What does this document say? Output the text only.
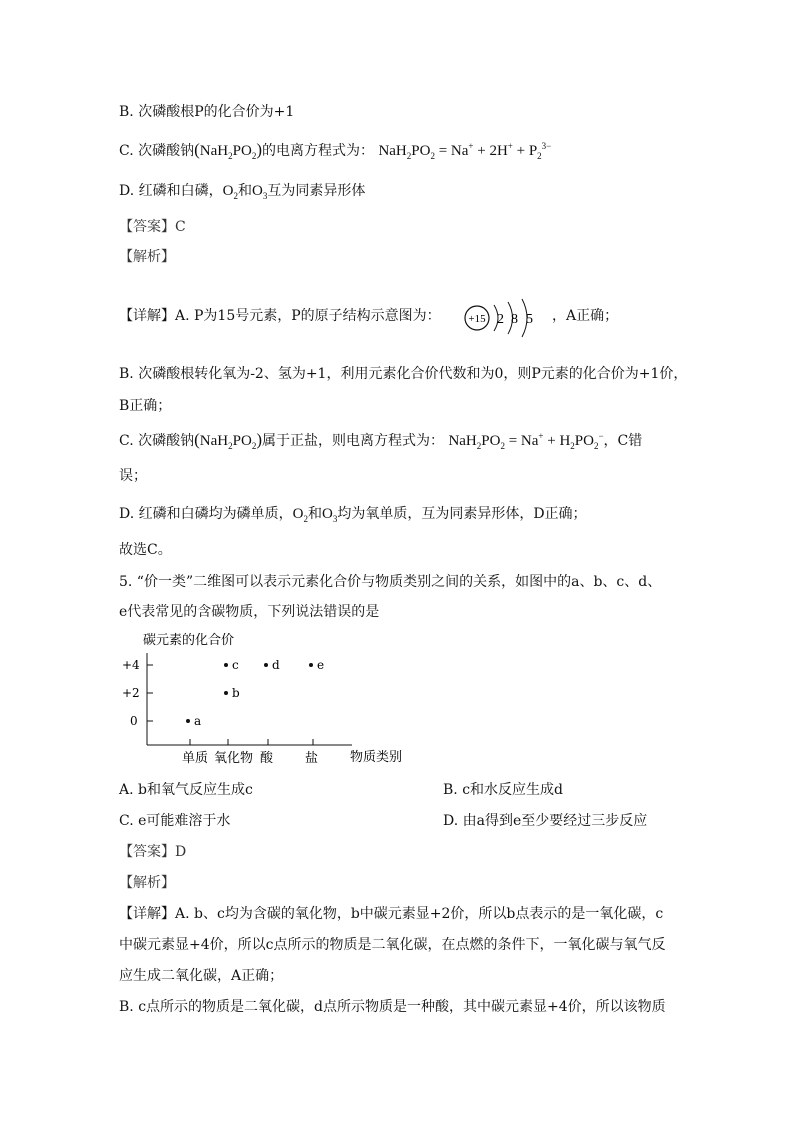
B. 次磷酸根P的化合价为+1
C. 次磷酸钠$(NaH_2PO_2)$的电离方程式为： $NaH_2PO_2 = Na^+ + 2H^+ + P_2^{3-}$
D. 红磷和白磷，$O_2$和$O_3$互为同素异形体
【答案】C
【解析】
【详解】A. P为15号元素，P的原子结构示意图为：	+15 2 8 5 ，A正确；
B. 次磷酸根转化氧为-2、氢为+1，利用元素化合价代数和为0，则P元素的化合价为+1价，
B正确；
C. 次磷酸钠$(NaH_2PO_2)$属于正盐，则电离方程式为： $NaH_2PO_2 = Na^+ + H_2PO_2^-$，C错
误；
D. 红磷和白磷均为磷单质，$O_2$和$O_3$均为氧单质，互为同素异形体，D正确；
故选C。
5. “价一类”二维图可以表示元素化合价与物质类别之间的关系，如图中的a、b、c、d、
e代表常见的含碳物质，下列说法错误的是
碳元素的化合价
单质 氧化物 酸 盐
+4
+2
0	a
b
c	d	e
物质类别
A. b和氧气反应生成c	B. c和水反应生成d
C. e可能难溶于水	D. 由a得到e至少要经过三步反应
【答案】D
【解析】
【详解】A. b、c均为含碳的氧化物，b中碳元素显+2价，所以b点表示的是一氧化碳，c
中碳元素显+4价，所以c点所示的物质是二氧化碳，在点燃的条件下，一氧化碳与氧气反
应生成二氧化碳，A正确；
B. c点所示的物质是二氧化碳，d点所示物质是一种酸，其中碳元素显+4价，所以该物质
